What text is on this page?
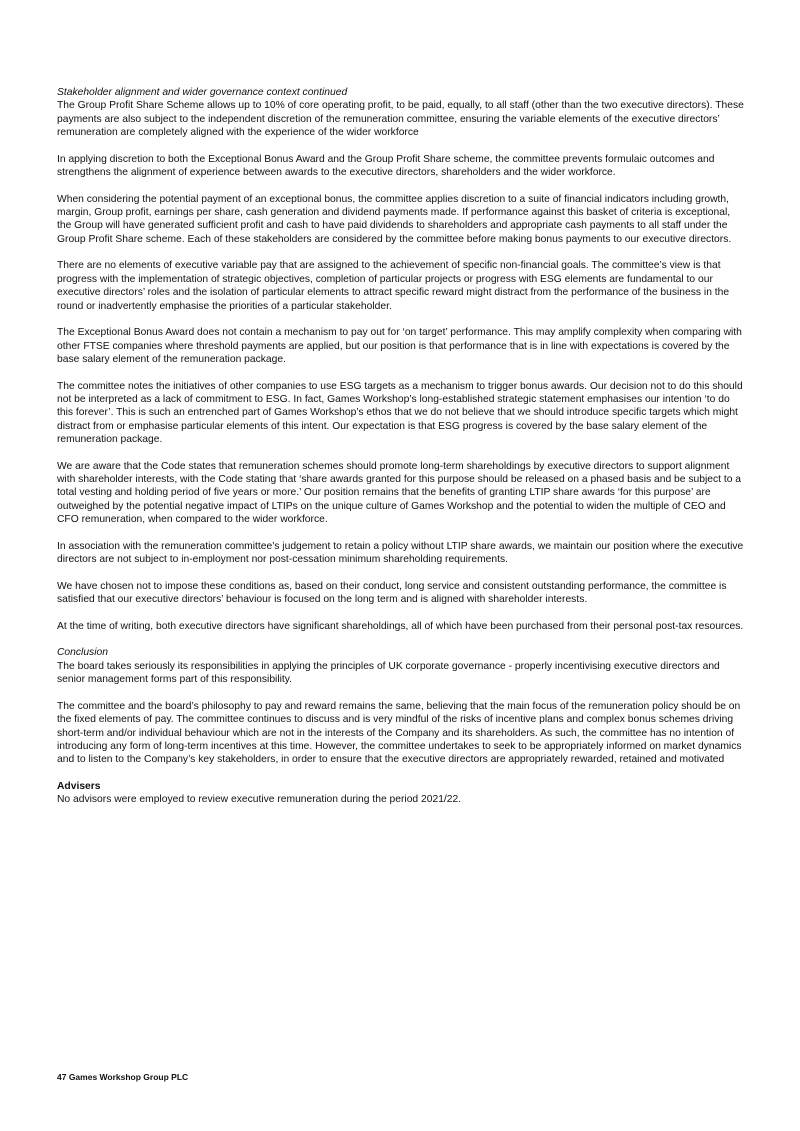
Stakeholder alignment and wider governance context continued
The Group Profit Share Scheme allows up to 10% of core operating profit, to be paid, equally, to all staff (other than the two executive directors). These payments are also subject to the independent discretion of the remuneration committee, ensuring the variable elements of the executive directors’ remuneration are completely aligned with the experience of the wider workforce

In applying discretion to both the Exceptional Bonus Award and the Group Profit Share scheme, the committee prevents formulaic outcomes and strengthens the alignment of experience between awards to the executive directors, shareholders and the wider workforce.

When considering the potential payment of an exceptional bonus, the committee applies discretion to a suite of financial indicators including growth, margin, Group profit, earnings per share, cash generation and dividend payments made. If performance against this basket of criteria is exceptional, the Group will have generated sufficient profit and cash to have paid dividends to shareholders and appropriate cash payments to all staff under the Group Profit Share scheme. Each of these stakeholders are considered by the committee before making bonus payments to our executive directors.

There are no elements of executive variable pay that are assigned to the achievement of specific non-financial goals. The committee’s view is that progress with the implementation of strategic objectives, completion of particular projects or progress with ESG elements are fundamental to our executive directors’ roles and the isolation of particular elements to attract specific reward might distract from the performance of the business in the round or inadvertently emphasise the priorities of a particular stakeholder.

The Exceptional Bonus Award does not contain a mechanism to pay out for ‘on target’ performance. This may amplify complexity when comparing with other FTSE companies where threshold payments are applied, but our position is that performance that is in line with expectations is covered by the base salary element of the remuneration package.

The committee notes the initiatives of other companies to use ESG targets as a mechanism to trigger bonus awards. Our decision not to do this should not be interpreted as a lack of commitment to ESG. In fact, Games Workshop’s long-established strategic statement emphasises our intention ‘to do this forever’. This is such an entrenched part of Games Workshop’s ethos that we do not believe that we should introduce specific targets which might distract from or emphasise particular elements of this intent. Our expectation is that ESG progress is covered by the base salary element of the remuneration package.

We are aware that the Code states that remuneration schemes should promote long-term shareholdings by executive directors to support alignment with shareholder interests, with the Code stating that ‘share awards granted for this purpose should be released on a phased basis and be subject to a total vesting and holding period of five years or more.’ Our position remains that the benefits of granting LTIP share awards ‘for this purpose’ are outweighed by the potential negative impact of LTIPs on the unique culture of Games Workshop and the potential to widen the multiple of CEO and CFO remuneration, when compared to the wider workforce.

In association with the remuneration committee’s judgement to retain a policy without LTIP share awards, we maintain our position where the executive directors are not subject to in-employment nor post-cessation minimum shareholding requirements.

We have chosen not to impose these conditions as, based on their conduct, long service and consistent outstanding performance, the committee is satisfied that our executive directors’ behaviour is focused on the long term and is aligned with shareholder interests.

At the time of writing, both executive directors have significant shareholdings, all of which have been purchased from their personal post-tax resources.

Conclusion
The board takes seriously its responsibilities in applying the principles of UK corporate governance - properly incentivising executive directors and senior management forms part of this responsibility.

The committee and the board’s philosophy to pay and reward remains the same, believing that the main focus of the remuneration policy should be on the fixed elements of pay. The committee continues to discuss and is very mindful of the risks of incentive plans and complex bonus schemes driving short-term and/or individual behaviour which are not in the interests of the Company and its shareholders. As such, the committee has no intention of introducing any form of long-term incentives at this time. However, the committee undertakes to seek to be appropriately informed on market dynamics and to listen to the Company’s key stakeholders, in order to ensure that the executive directors are appropriately rewarded, retained and motivated

Advisers
No advisors were employed to review executive remuneration during the period 2021/22.

47 Games Workshop Group PLC
